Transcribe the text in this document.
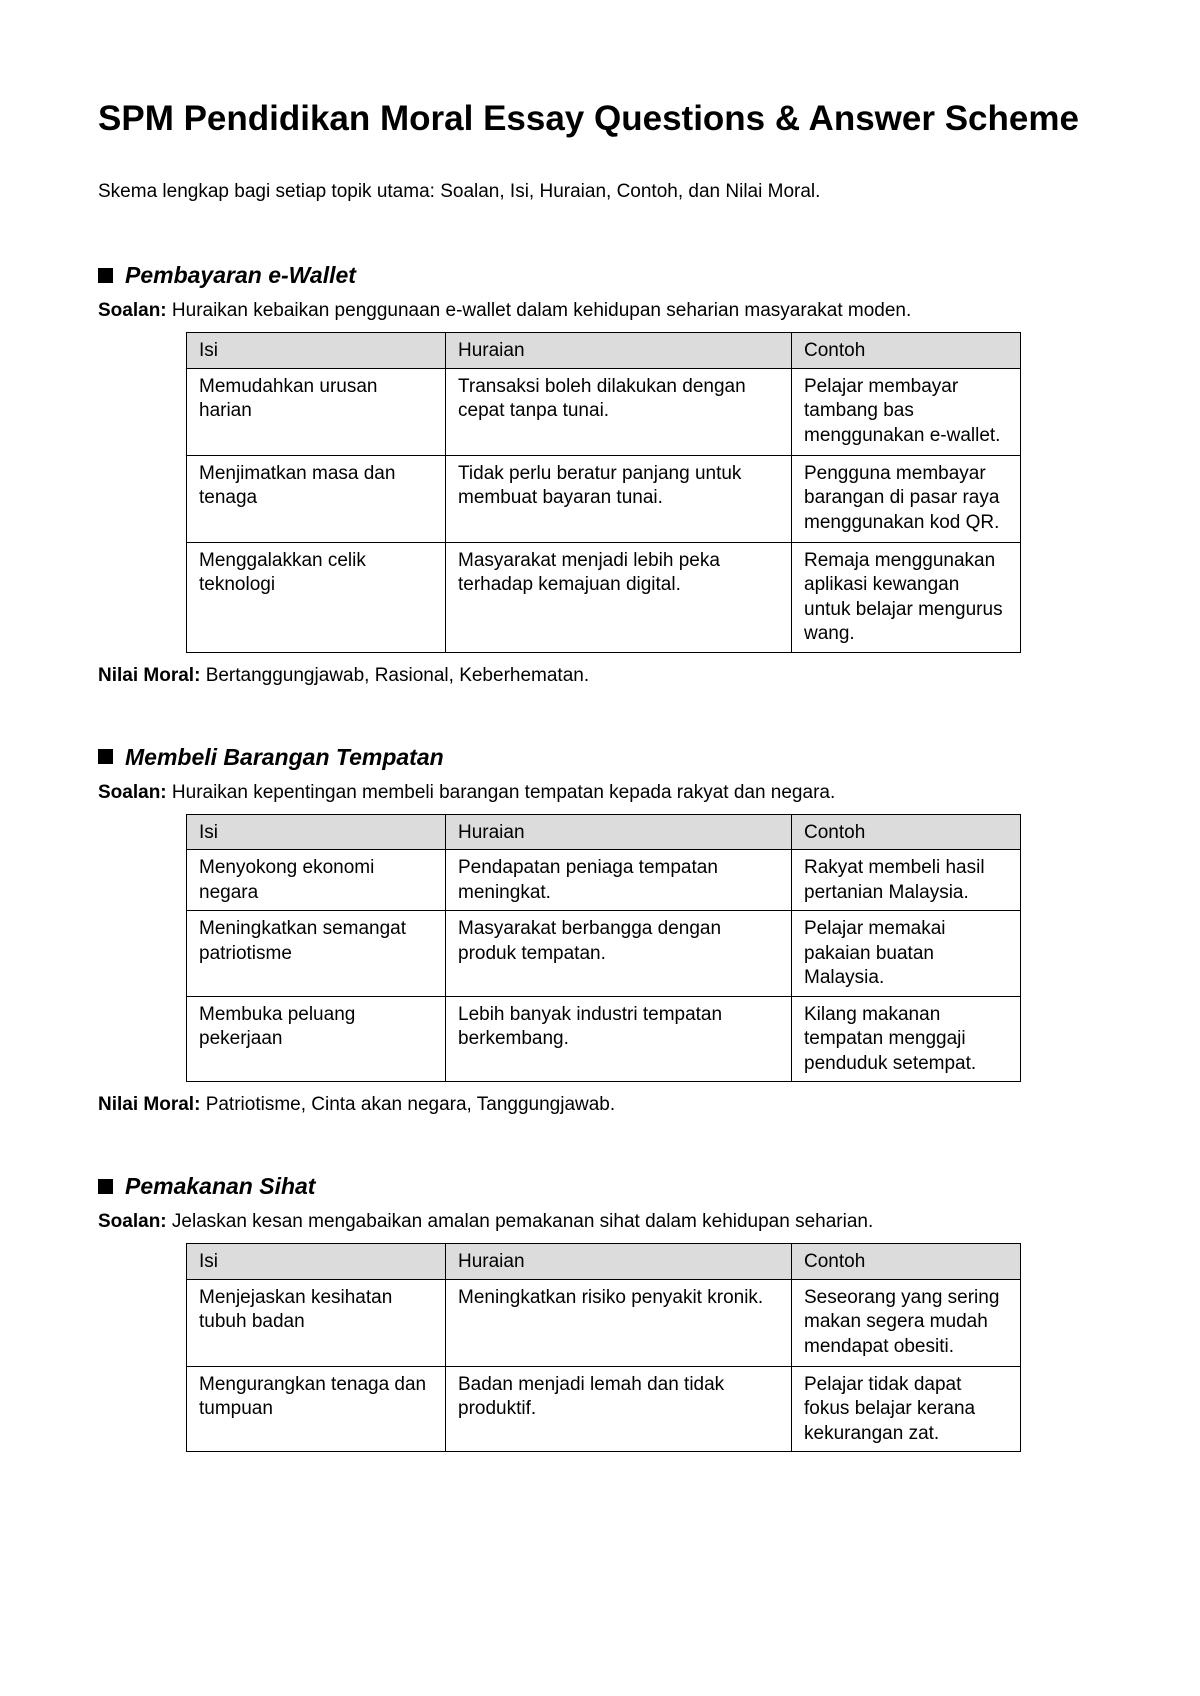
SPM Pendidikan Moral Essay Questions & Answer Scheme

Skema lengkap bagi setiap topik utama: Soalan, Isi, Huraian, Contoh, dan Nilai Moral.

Pembayaran e-Wallet
Soalan: Huraikan kebaikan penggunaan e-wallet dalam kehidupan seharian masyarakat moden.
Isi	Huraian	Contoh
Memudahkan urusan harian	Transaksi boleh dilakukan dengan cepat tanpa tunai.	Pelajar membayar tambang bas menggunakan e-wallet.
Menjimatkan masa dan tenaga	Tidak perlu beratur panjang untuk membuat bayaran tunai.	Pengguna membayar barangan di pasar raya menggunakan kod QR.
Menggalakkan celik teknologi	Masyarakat menjadi lebih peka terhadap kemajuan digital.	Remaja menggunakan aplikasi kewangan untuk belajar mengurus wang.
Nilai Moral: Bertanggungjawab, Rasional, Keberhematan.
Membeli Barangan Tempatan
Soalan: Huraikan kepentingan membeli barangan tempatan kepada rakyat dan negara.
Isi	Huraian	Contoh
Menyokong ekonomi negara	Pendapatan peniaga tempatan meningkat.	Rakyat membeli hasil pertanian Malaysia.
Meningkatkan semangat patriotisme	Masyarakat berbangga dengan produk tempatan.	Pelajar memakai pakaian buatan Malaysia.
Membuka peluang pekerjaan	Lebih banyak industri tempatan berkembang.	Kilang makanan tempatan menggaji penduduk setempat.
Nilai Moral: Patriotisme, Cinta akan negara, Tanggungjawab.
Pemakanan Sihat
Soalan: Jelaskan kesan mengabaikan amalan pemakanan sihat dalam kehidupan seharian.
Isi	Huraian	Contoh
Menjejaskan kesihatan tubuh badan	Meningkatkan risiko penyakit kronik.	Seseorang yang sering makan segera mudah mendapat obesiti.
Mengurangkan tenaga dan tumpuan	Badan menjadi lemah dan tidak produktif.	Pelajar tidak dapat fokus belajar kerana kekurangan zat.
